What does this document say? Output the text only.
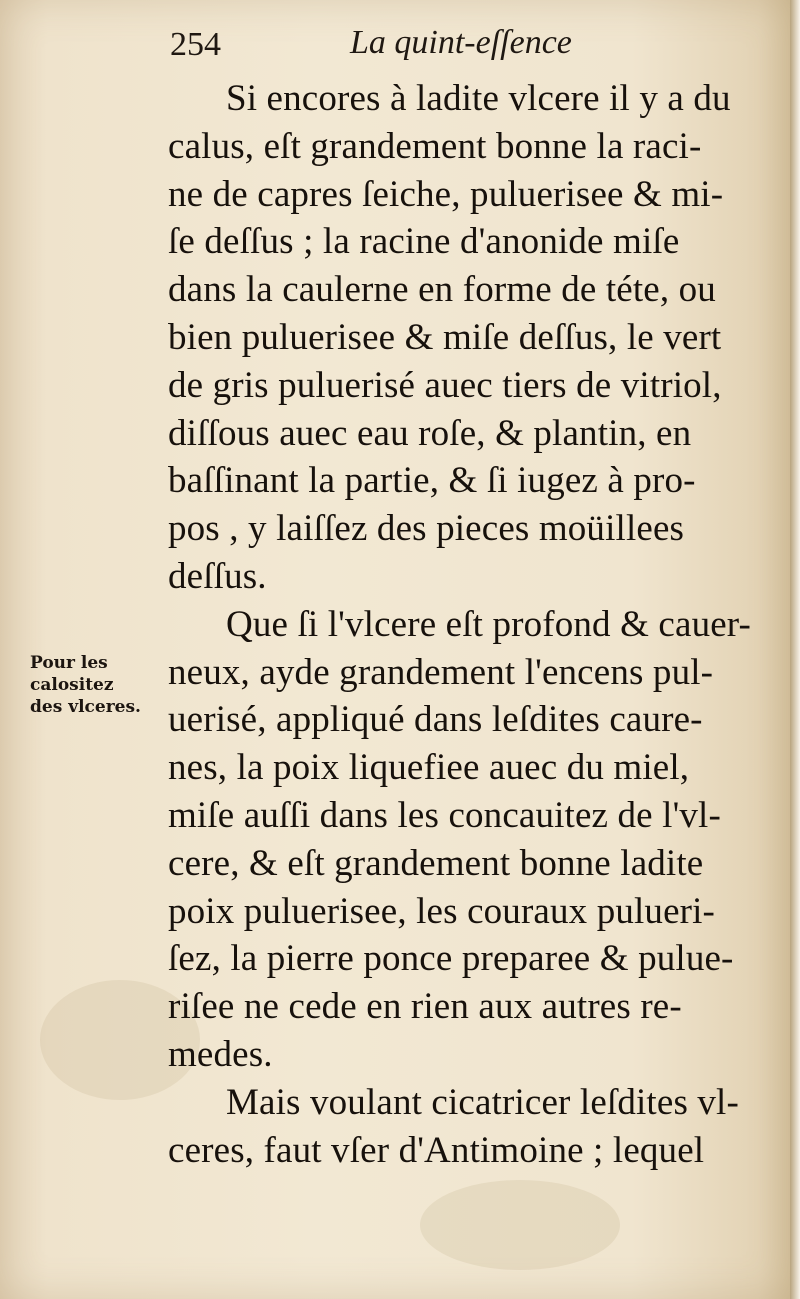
254	La quint-eſſence
Si encores à ladite vlcere il y a du
calus, eſt grandement bonne la raci-
ne de capres ſeiche, puluerisee & mi-
ſe deſſus ; la racine d'anonide miſe
dans la caulerne en forme de téte, ou
bien puluerisee & miſe deſſus, le vert
de gris puluerisé auec tiers de vitriol,
diſſous auec eau roſe, & plantin, en
baſſinant la partie, & ſi iugez à pro-
pos , y laiſſez des pieces moüillees
deſſus.
Que ſi l'vlcere eſt profond & cauer-
neux, ayde grandement l'encens pul-
uerisé, appliqué dans leſdites caure-
nes, la poix liquefiee auec du miel,
miſe auſſi dans les concauitez de l'vl-
cere, & eſt grandement bonne ladite
poix puluerisee, les couraux pulueri-
ſez, la pierre ponce preparee & pulue-
riſee ne cede en rien aux autres re-
medes.
Mais voulant cicatricer leſdites vl-
ceres, faut vſer d'Antimoine ; lequel
Pour les
calositez
des vlceres.
